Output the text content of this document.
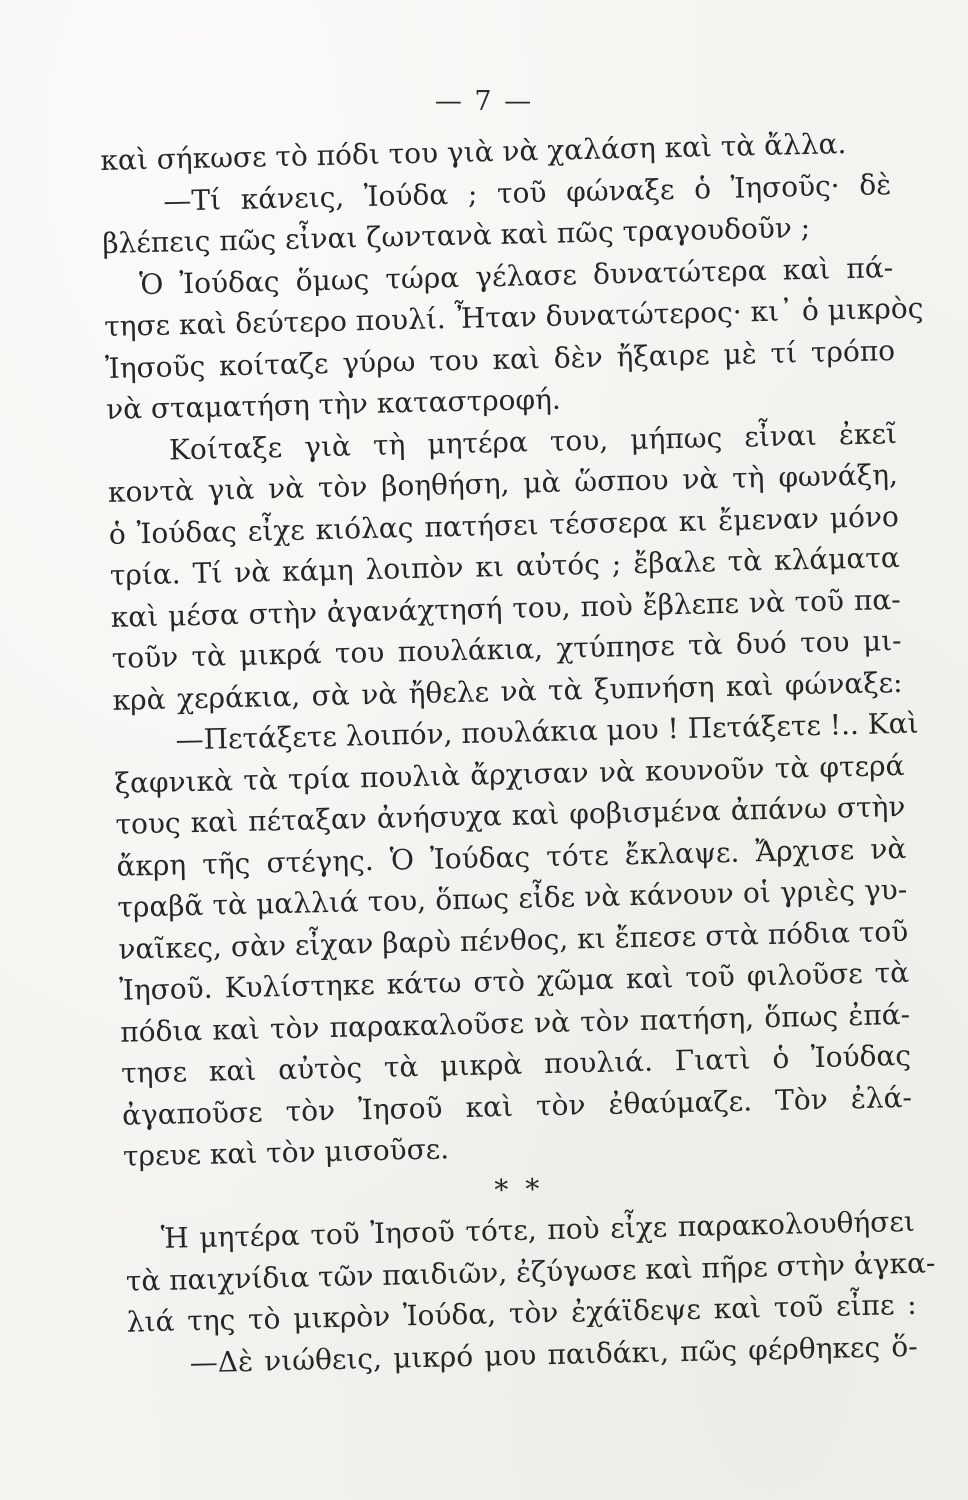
— 7 —
καὶ σήκωσε τὸ πόδι του γιὰ νὰ χαλάση καὶ τὰ ἄλλα.
—Τί κάνεις, Ἰούδα ; τοῦ φώναξε ὁ Ἰησοῦς· δὲ
βλέπεις πῶς εἶναι ζωντανὰ καὶ πῶς τραγουδοῦν ;
Ὁ Ἰούδας ὅμως τώρα γέλασε δυνατώτερα καὶ πά-
τησε καὶ δεύτερο πουλί. Ἦταν δυνατώτερος· κι᾿ ὁ μικρὸς
Ἰησοῦς κοίταζε γύρω του καὶ δὲν ἤξαιρε μὲ τί τρόπο
νὰ σταματήση τὴν καταστροφή.
Κοίταξε γιὰ τὴ μητέρα του, μήπως εἶναι ἐκεῖ
κοντὰ γιὰ νὰ τὸν βοηθήση, μὰ ὥσπου νὰ τὴ φωνάξη,
ὁ Ἰούδας εἶχε κιόλας πατήσει τέσσερα κι ἔμεναν μόνο
τρία. Τί νὰ κάμη λοιπὸν κι αὐτός ; ἔβαλε τὰ κλάματα
καὶ μέσα στὴν ἀγανάχτησή του, ποὺ ἔβλεπε νὰ τοῦ πα-
τοῦν τὰ μικρά του πουλάκια, χτύπησε τὰ δυό του μι-
κρὰ χεράκια, σὰ νὰ ἤθελε νὰ τὰ ξυπνήση καὶ φώναξε:
—Πετάξετε λοιπόν, πουλάκια μου ! Πετάξετε !.. Καὶ
ξαφνικὰ τὰ τρία πουλιὰ ἄρχισαν νὰ κουνοῦν τὰ φτερά
τους καὶ πέταξαν ἀνήσυχα καὶ φοβισμένα ἀπάνω στὴν
ἄκρη τῆς στέγης. Ὁ Ἰούδας τότε ἔκλαψε. Ἄρχισε νὰ
τραβᾶ τὰ μαλλιά του, ὅπως εἶδε νὰ κάνουν οἱ γριὲς γυ-
ναῖκες, σὰν εἶχαν βαρὺ πένθος, κι ἔπεσε στὰ πόδια τοῦ
Ἰησοῦ. Κυλίστηκε κάτω στὸ χῶμα καὶ τοῦ φιλοῦσε τὰ
πόδια καὶ τὸν παρακαλοῦσε νὰ τὸν πατήση, ὅπως ἐπά-
τησε καὶ αὐτὸς τὰ μικρὰ πουλιά. Γιατὶ ὁ Ἰούδας
ἀγαποῦσε τὸν Ἰησοῦ καὶ τὸν ἐθαύμαζε. Τὸν ἐλά-
τρευε καὶ τὸν μισοῦσε.
* *
Ἡ μητέρα τοῦ Ἰησοῦ τότε, ποὺ εἶχε παρακολουθήσει
τὰ παιχνίδια τῶν παιδιῶν, ἐζύγωσε καὶ πῆρε στὴν ἀγκα-
λιά της τὸ μικρὸν Ἰούδα, τὸν ἐχάϊδεψε καὶ τοῦ εἶπε :
—Δὲ νιώθεις, μικρό μου παιδάκι, πῶς φέρθηκες ὅ-
